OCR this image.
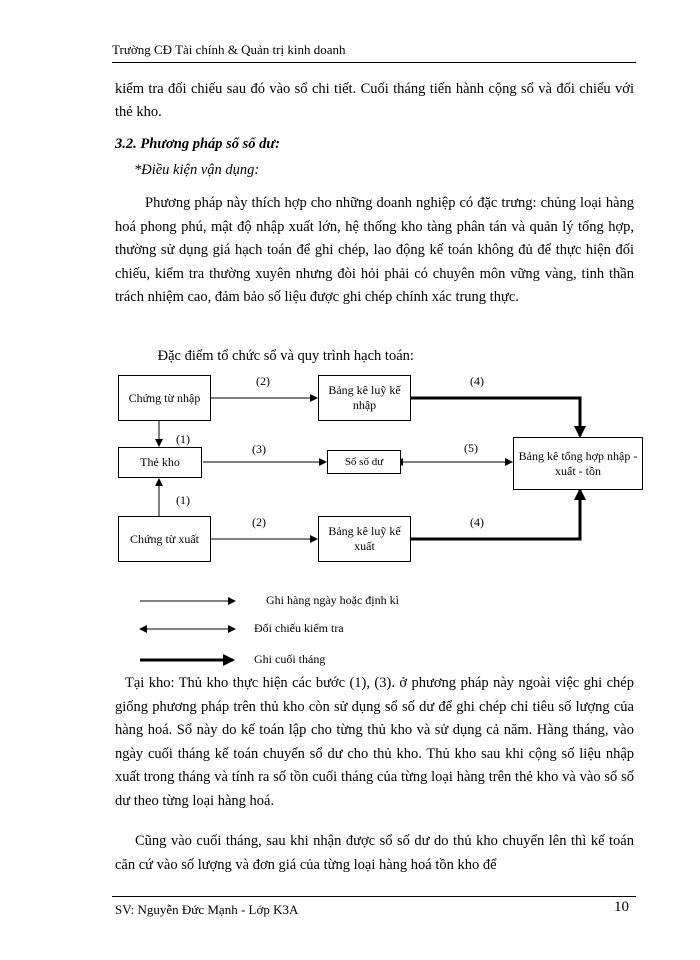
Trường CĐ Tài chính & Quản trị kinh doanh

kiểm tra đối chiếu sau đó vào sổ chi tiết. Cuối tháng tiến hành cộng sổ và đối chiếu với thẻ kho.

3.2. Phương pháp sổ số dư:
*Điều kiện vận dụng:

Phương pháp này thích hợp cho những doanh nghiệp có đặc trưng: chủng loại hàng hoá phong phú, mật độ nhập xuất lớn, hệ thống kho tàng phân tán và quản lý tổng hợp, thường sử dụng giá hạch toán để ghi chép, lao động kế toán không đủ để thực hiện đối chiếu, kiểm tra thường xuyên nhưng đòi hỏi phải có chuyên môn vững vàng, tinh thần trách nhiệm cao, đảm bảo số liệu được ghi chép chính xác trung thực.

Đặc điểm tổ chức sổ và quy trình hạch toán:
Chứng từ nhập
Bảng kê luỹ kế nhập
Thẻ kho	Sổ số dư	Bảng kê tổng hợp nhập - xuất - tồn
Chứng từ xuất
Bảng kê luỹ kế xuất
(2)	(4)
(1)
(3)	(5)
(1)
(2)	(4)
Ghi hàng ngày hoặc định kì
Đối chiếu kiểm tra
Ghi cuối tháng

Tại kho: Thủ kho thực hiện các bước (1), (3). ở phương pháp này ngoài việc ghi chép giống phương pháp trên thủ kho còn sử dụng sổ số dư để ghi chép chỉ tiêu số lượng của hàng hoá. Sổ này do kế toán lập cho từng thủ kho và sử dụng cả năm. Hàng tháng, vào ngày cuối tháng kế toán chuyển sổ dư cho thủ kho. Thủ kho sau khi cộng số liệu nhập xuất trong tháng và tính ra số tồn cuối tháng của từng loại hàng trên thẻ kho và vào sổ số dư theo từng loại hàng hoá.

Cũng vào cuối tháng, sau khi nhận được sổ số dư do thủ kho chuyển lên thì kế toán căn cứ vào số lượng và đơn giá của từng loại hàng hoá tồn kho để

SV: Nguyễn Đức Mạnh - Lớp K3A	10
